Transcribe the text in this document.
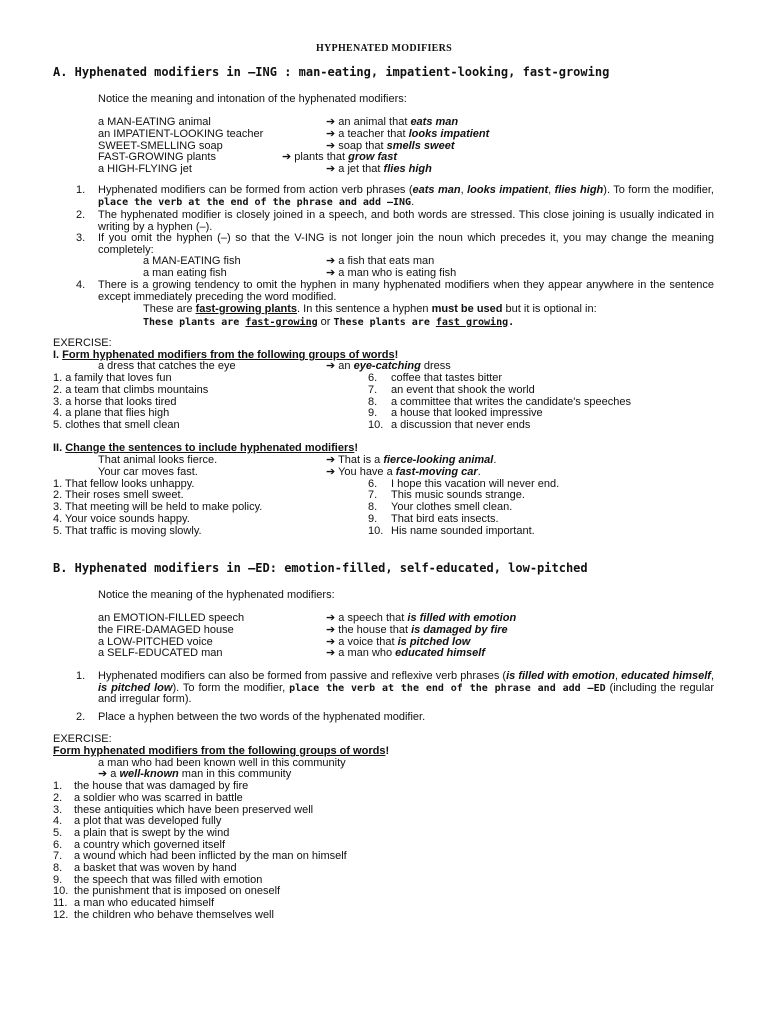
HYPHENATED MODIFIERS
A. Hyphenated modifiers in –ING : man-eating, impatient-looking, fast-growing
Notice the meaning and intonation of the hyphenated modifiers:
a MAN-EATING animal	➔ an animal that eats man
an IMPATIENT-LOOKING teacher	➔ a teacher that looks impatient
SWEET-SMELLING soap	➔ soap that smells sweet
FAST-GROWING plants	➔ plants that grow fast
a HIGH-FLYING jet	➔ a jet that flies high
1. Hyphenated modifiers can be formed from action verb phrases (eats man, looks impatient, flies high). To form the modifier, place the verb at the end of the phrase and add –ING.
2. The hyphenated modifier is closely joined in a speech, and both words are stressed. This close joining is usually indicated in writing by a hyphen (–).
3. If you omit the hyphen (–) so that the V-ING is not longer join the noun which precedes it, you may change the meaning completely:
a MAN-EATING fish	➔ a fish that eats man
a man eating fish	➔ a man who is eating fish
4. There is a growing tendency to omit the hyphen in many hyphenated modifiers when they appear anywhere in the sentence except immediately preceding the word modified.
These are fast-growing plants. In this sentence a hyphen must be used but it is optional in:
These plants are fast-growing or These plants are fast growing.
EXERCISE:
I. Form hyphenated modifiers from the following groups of words!
a dress that catches the eye	➔ an eye-catching dress
1. a family that loves fun
2. a team that climbs mountains
3. a horse that looks tired
4. a plane that flies high
5. clothes that smell clean
6. coffee that tastes bitter
7. an event that shook the world
8. a committee that writes the candidate's speeches
9. a house that looked impressive
10. a discussion that never ends
II. Change the sentences to include hyphenated modifiers!
That animal looks fierce.	➔ That is a fierce-looking animal.
Your car moves fast.	➔ You have a fast-moving car.
1. That fellow looks unhappy.
2. Their roses smell sweet.
3. That meeting will be held to make policy.
4. Your voice sounds happy.
5. That traffic is moving slowly.
6. I hope this vacation will never end.
7. This music sounds strange.
8. Your clothes smell clean.
9. That bird eats insects.
10. His name sounded important.
B. Hyphenated modifiers in –ED: emotion-filled, self-educated, low-pitched
Notice the meaning of the hyphenated modifiers:
an EMOTION-FILLED speech	➔ a speech that is filled with emotion
the FIRE-DAMAGED house	➔ the house that is damaged by fire
a LOW-PITCHED voice	➔ a voice that is pitched low
a SELF-EDUCATED man	➔ a man who educated himself
1. Hyphenated modifiers can also be formed from passive and reflexive verb phrases (is filled with emotion, educated himself, is pitched low). To form the modifier, place the verb at the end of the phrase and add –ED (including the regular and irregular form).
2. Place a hyphen between the two words of the hyphenated modifier.
EXERCISE:
Form hyphenated modifiers from the following groups of words!
a man who had been known well in this community
➔ a well-known man in this community
1. the house that was damaged by fire
2. a soldier who was scarred in battle
3. these antiquities which have been preserved well
4. a plot that was developed fully
5. a plain that is swept by the wind
6. a country which governed itself
7. a wound which had been inflicted by the man on himself
8. a basket that was woven by hand
9. the speech that was filled with emotion
10. the punishment that is imposed on oneself
11. a man who educated himself
12. the children who behave themselves well
